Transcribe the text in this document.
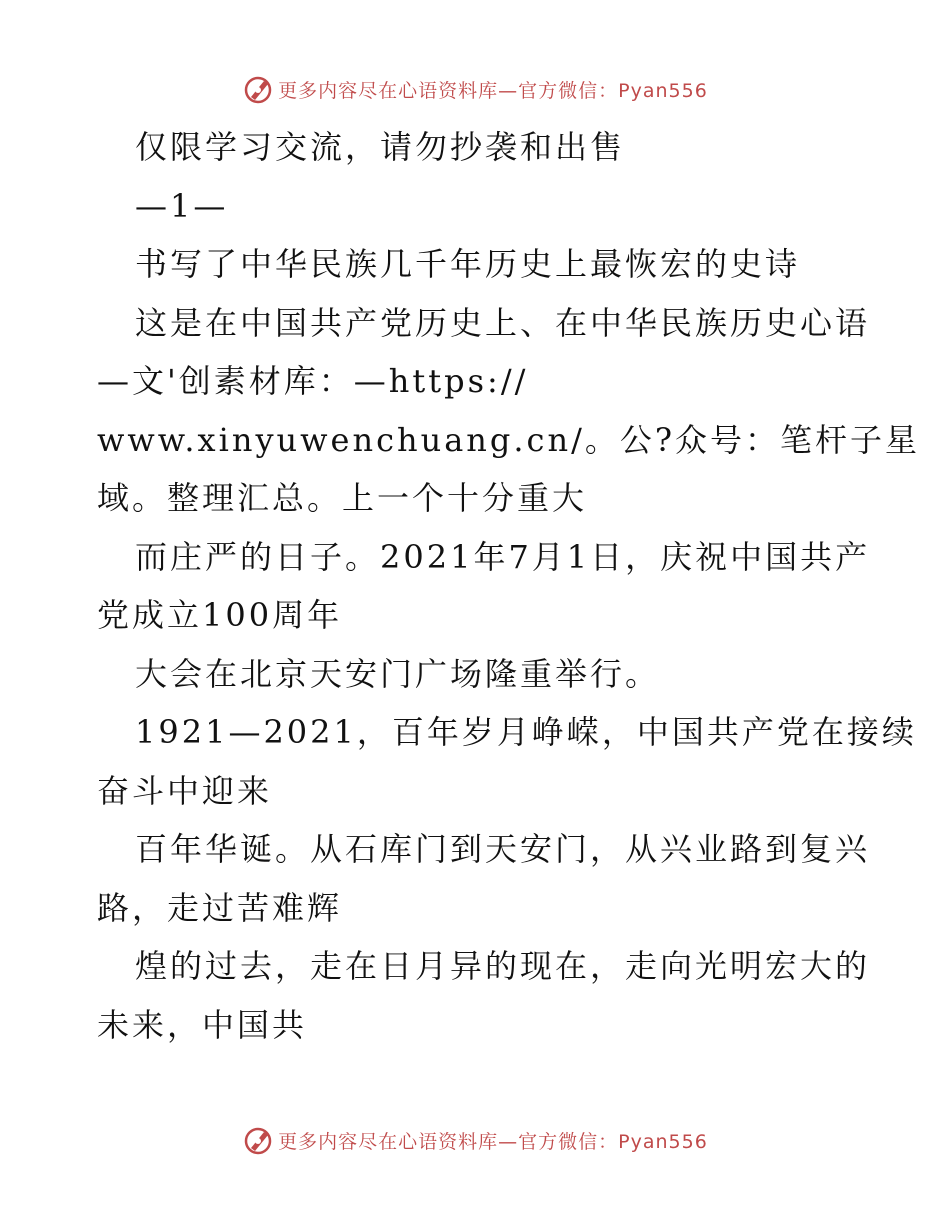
更多内容尽在心语资料库—官方微信：Pyan556
仅限学习交流，请勿抄袭和出售
—1—
书写了中华民族几千年历史上最恢宏的史诗
这是在中国共产党历史上、在中华民族历史心语
—文'创素材库：—https://
www.xinyuwenchuang.cn/。公?众号：笔杆子星
域。整理汇总。上一个十分重大
而庄严的日子。2021年7月1日，庆祝中国共产
党成立100周年
大会在北京天安门广场隆重举行。
1921—2021，百年岁月峥嵘，中国共产党在接续
奋斗中迎来
百年华诞。从石库门到天安门，从兴业路到复兴
路，走过苦难辉
煌的过去，走在日月异的现在，走向光明宏大的
未来，中国共
更多内容尽在心语资料库—官方微信：Pyan556
